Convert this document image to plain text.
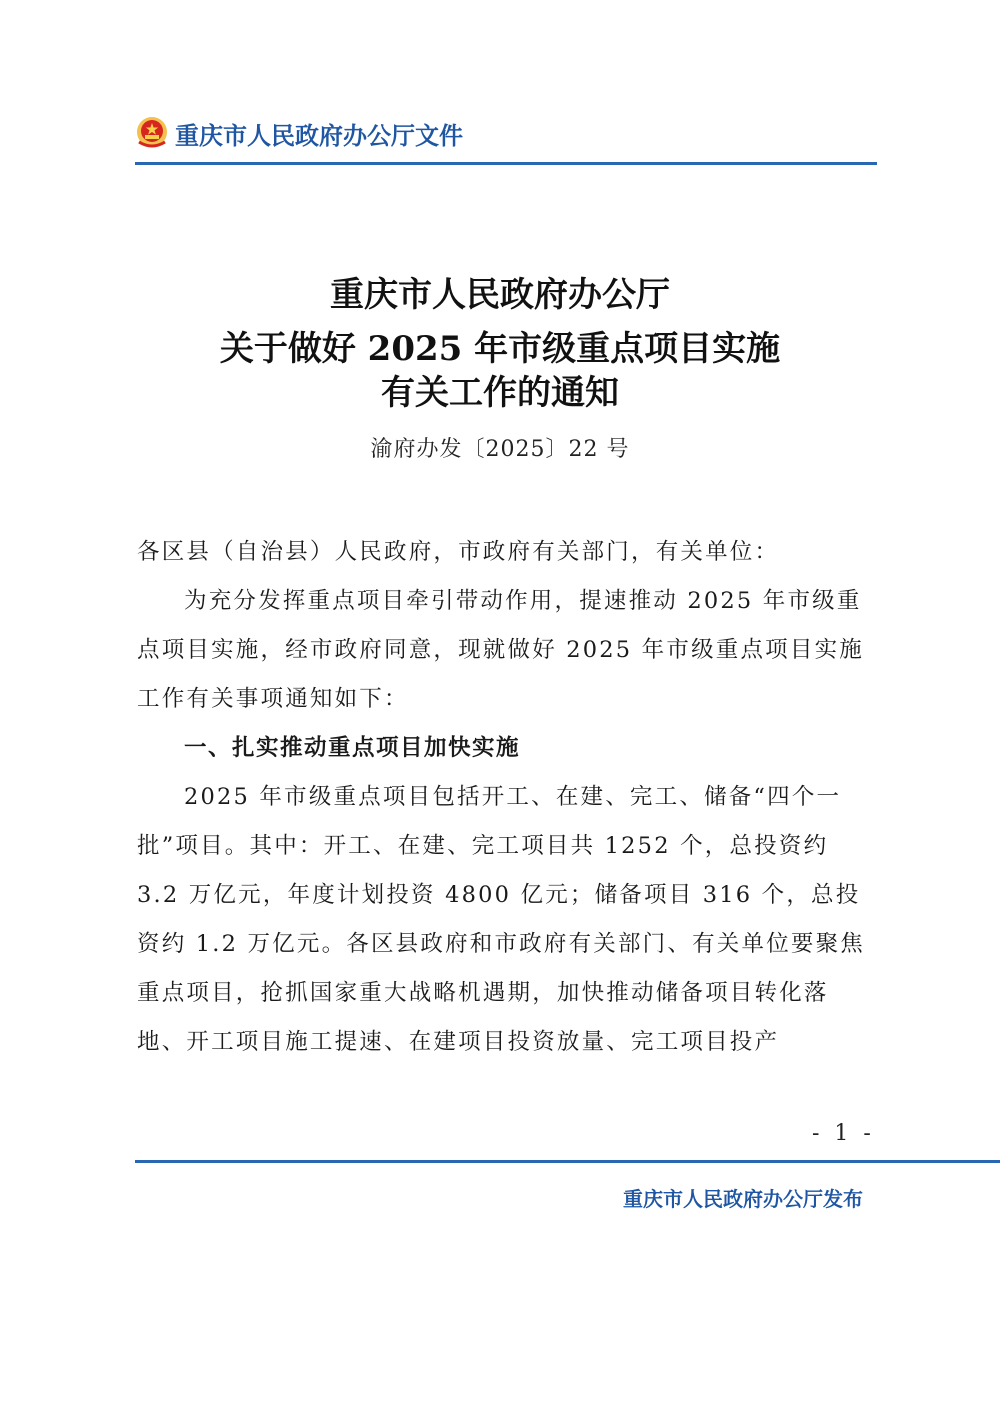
重庆市人民政府办公厅文件
重庆市人民政府办公厅
关于做好 2025 年市级重点项目实施
有关工作的通知
渝府办发〔2025〕22 号

各区县（自治县）人民政府，市政府有关部门，有关单位：

为充分发挥重点项目牵引带动作用，提速推动 2025 年市级重点项目实施，经市政府同意，现就做好 2025 年市级重点项目实施工作有关事项通知如下：

一、扎实推动重点项目加快实施

2025 年市级重点项目包括开工、在建、完工、储备“四个一批”项目。其中：开工、在建、完工项目共 1252 个，总投资约 3.2 万亿元，年度计划投资 4800 亿元；储备项目 316 个，总投资约 1.2 万亿元。各区县政府和市政府有关部门、有关单位要聚焦重点项目，抢抓国家重大战略机遇期，加快推动储备项目转化落地、开工项目施工提速、在建项目投资放量、完工项目投产

- 1 -
重庆市人民政府办公厅发布
